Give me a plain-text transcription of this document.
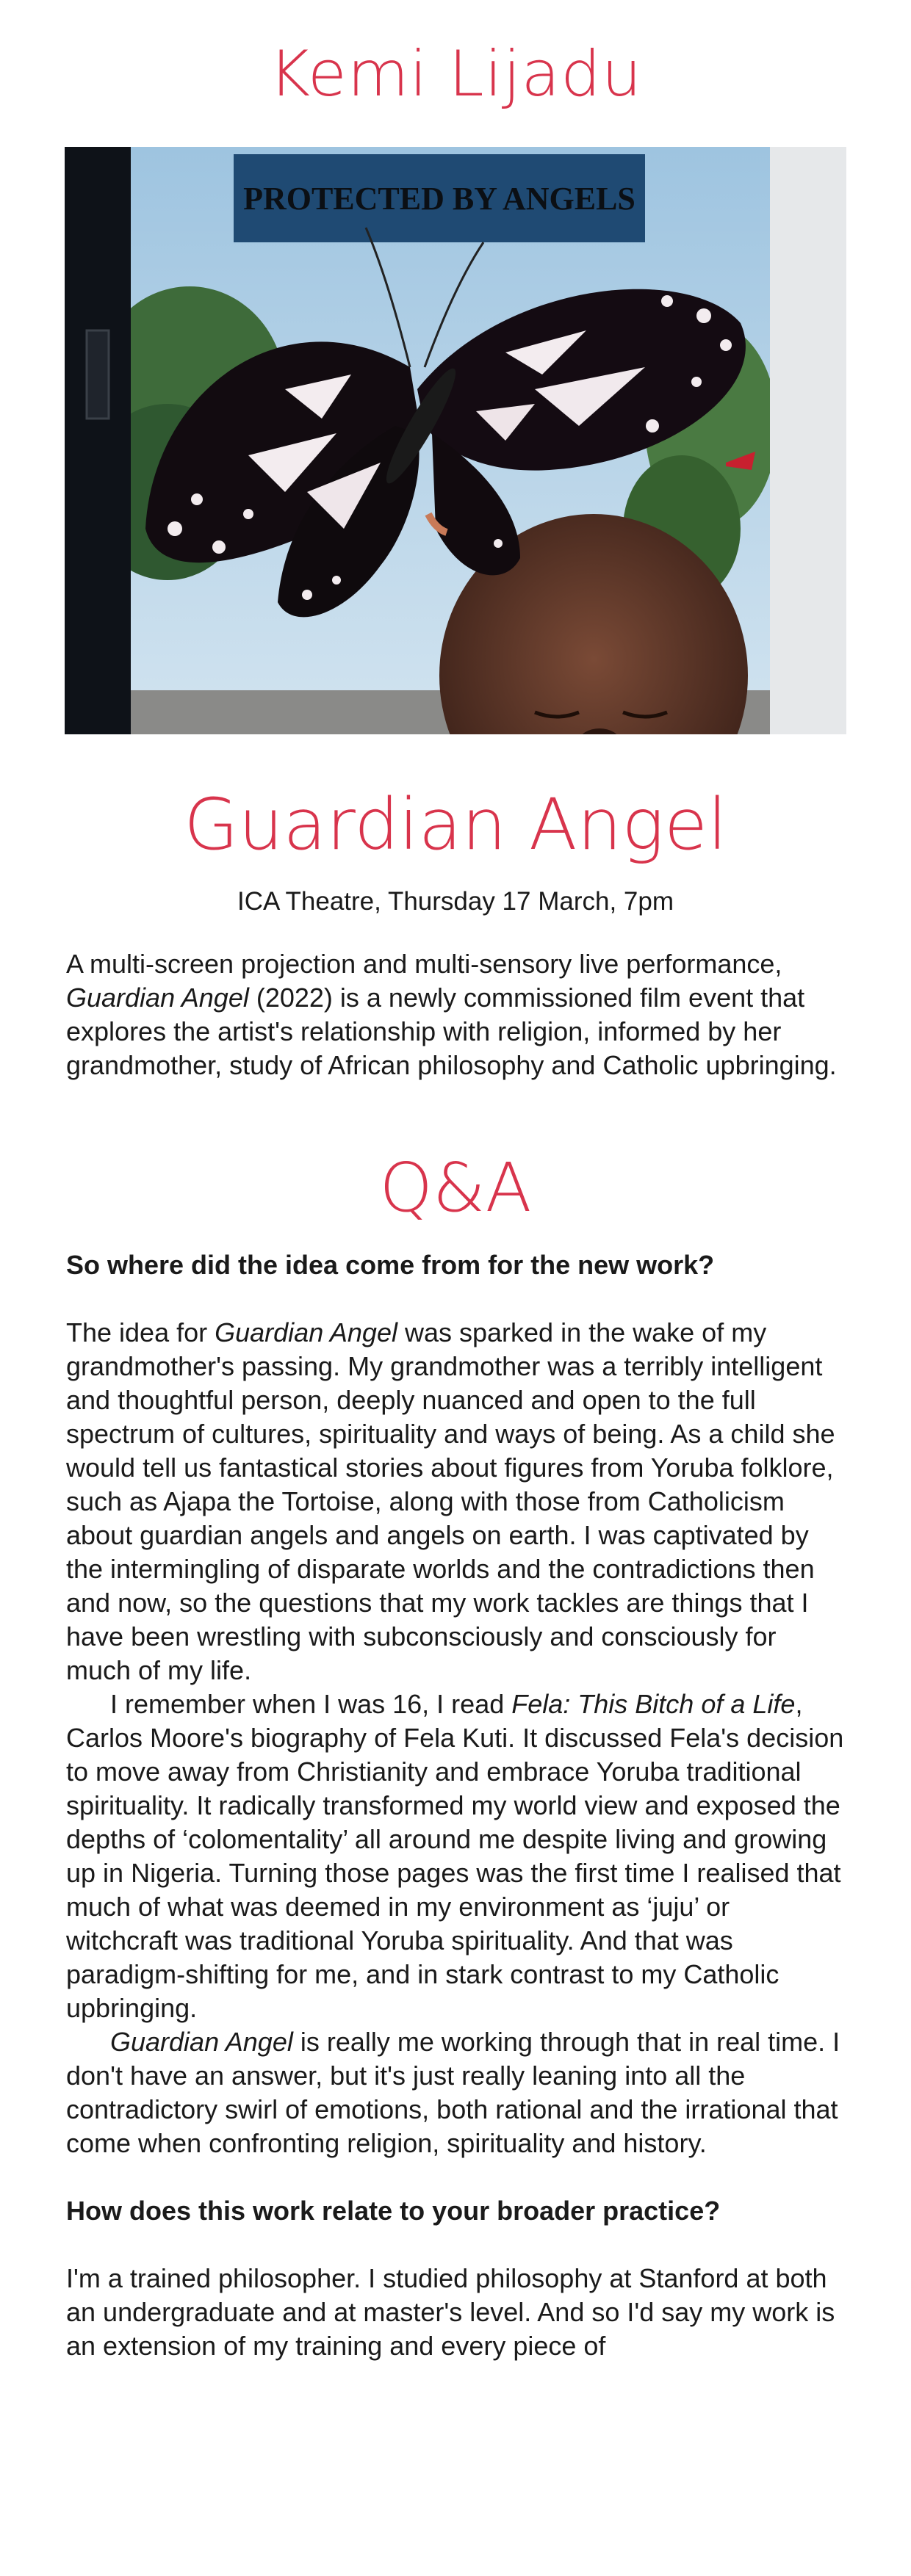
Kemi Lijadu
PROTECTED BY ANGELS
Guardian Angel

ICA Theatre, Thursday 17 March, 7pm

A multi-screen projection and multi-sensory live performance, Guardian Angel (2022) is a newly commissioned film event that explores the artist's relationship with religion, informed by her grandmother, study of African philosophy and Catholic upbringing.

Q&A

So where did the idea come from for the new work?

The idea for Guardian Angel was sparked in the wake of my grandmother's passing. My grandmother was a terribly intelligent and thoughtful person, deeply nuanced and open to the full spectrum of cultures, spirituality and ways of being. As a child she would tell us fantastical stories about figures from Yoruba folklore, such as Ajapa the Tortoise, along with those from Catholicism about guardian angels and angels on earth. I was captivated by the intermingling of disparate worlds and the contradictions then and now, so the questions that my work tackles are things that I have been wrestling with subconsciously and consciously for much of my life.

I remember when I was 16, I read Fela: This Bitch of a Life, Carlos Moore's biography of Fela Kuti. It discussed Fela's decision to move away from Christianity and embrace Yoruba traditional spirituality. It radically transformed my world view and exposed the depths of ‘colomentality’ all around me despite living and growing up in Nigeria. Turning those pages was the first time I realised that much of what was deemed in my environment as ‘juju’ or witchcraft was traditional Yoruba spirituality. And that was paradigm-shifting for me, and in stark contrast to my Catholic upbringing.

Guardian Angel is really me working through that in real time. I don't have an answer, but it's just really leaning into all the contradictory swirl of emotions, both rational and the irrational that come when confronting religion, spirituality and history.

How does this work relate to your broader practice?

I'm a trained philosopher. I studied philosophy at Stanford at both an undergraduate and at master's level. And so I'd say my work is an extension of my training and every piece of
